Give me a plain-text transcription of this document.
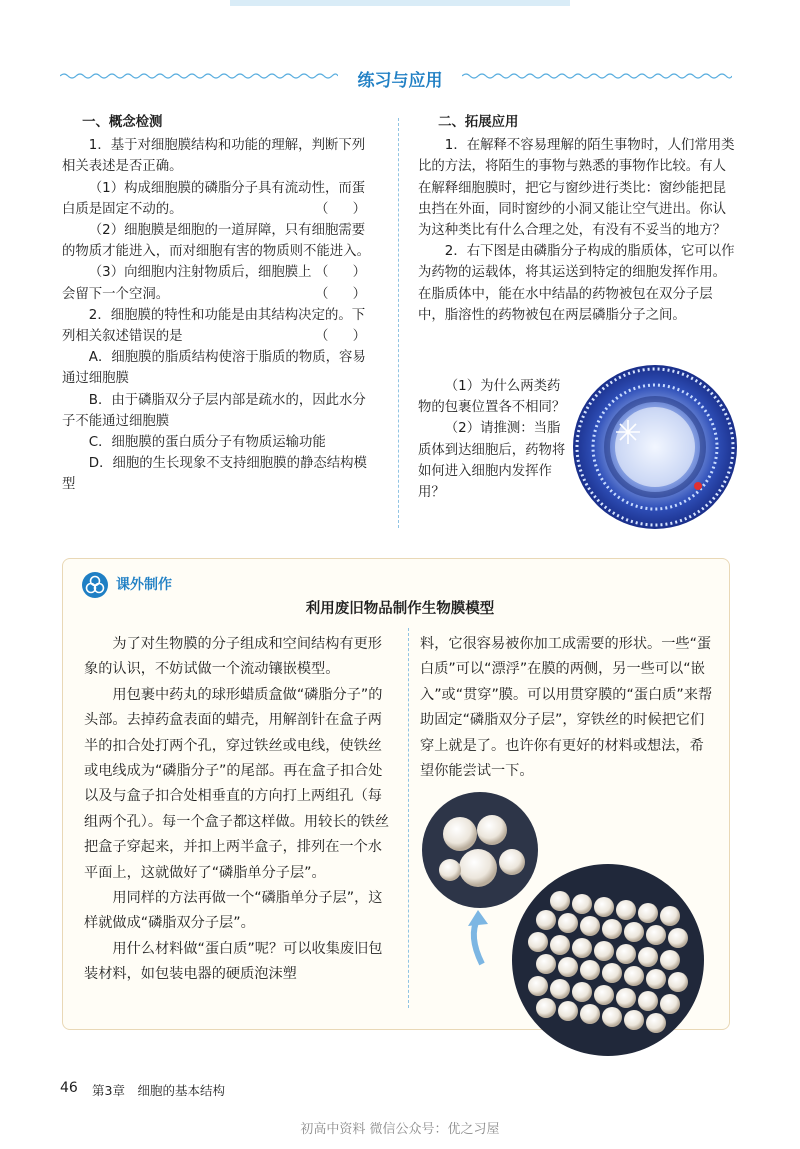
练习与应用

一、概念检测

1．基于对细胞膜结构和功能的理解，判断下列相关表述是否正确。

（1）构成细胞膜的磷脂分子具有流动性，而蛋白质是固定不动的。	（ ）

（2）细胞膜是细胞的一道屏障，只有细胞需要的物质才能进入，而对细胞有害的物质则不能进入。
（ ）

（3）向细胞内注射物质后，细胞膜上会留下一个空洞。	（ ）

2．细胞膜的特性和功能是由其结构决定的。下列相关叙述错误的是	（ ）

A．细胞膜的脂质结构使溶于脂质的物质，容易通过细胞膜

B．由于磷脂双分子层内部是疏水的，因此水分子不能通过细胞膜

C．细胞膜的蛋白质分子有物质运输功能

D．细胞的生长现象不支持细胞膜的静态结构模型

二、拓展应用

1．在解释不容易理解的陌生事物时，人们常用类比的方法，将陌生的事物与熟悉的事物作比较。有人在解释细胞膜时，把它与窗纱进行类比：窗纱能把昆虫挡在外面，同时窗纱的小洞又能让空气进出。你认为这种类比有什么合理之处，有没有不妥当的地方？

2．右下图是由磷脂分子构成的脂质体，它可以作为药物的运载体，将其运送到特定的细胞发挥作用。在脂质体中，能在水中结晶的药物被包在双分子层中，脂溶性的药物被包在两层磷脂分子之间。

（1）为什么两类药物的包裹位置各不相同？

（2）请推测：当脂质体到达细胞后，药物将如何进入细胞内发挥作用？

课外制作
利用废旧物品制作生物膜模型

为了对生物膜的分子组成和空间结构有更形象的认识，不妨试做一个流动镶嵌模型。

用包裹中药丸的球形蜡质盒做“磷脂分子”的头部。去掉药盒表面的蜡壳，用解剖针在盒子两半的扣合处打两个孔，穿过铁丝或电线，使铁丝或电线成为“磷脂分子”的尾部。再在盒子扣合处以及与盒子扣合处相垂直的方向打上两组孔（每组两个孔）。每一个盒子都这样做。用较长的铁丝把盒子穿起来，并扣上两半盒子，排列在一个水平面上，这就做好了“磷脂单分子层”。

用同样的方法再做一个“磷脂单分子层”，这样就做成“磷脂双分子层”。

用什么材料做“蛋白质”呢？可以收集废旧包装材料，如包装电器的硬质泡沫塑

料，它很容易被你加工成需要的形状。一些“蛋白质”可以“漂浮”在膜的两侧，另一些可以“嵌入”或“贯穿”膜。可以用贯穿膜的“蛋白质”来帮助固定“磷脂双分子层”，穿铁丝的时候把它们穿上就是了。也许你有更好的材料或想法，希望你能尝试一下。

46 第3章　细胞的基本结构
初高中资料 微信公众号：优之习屋
